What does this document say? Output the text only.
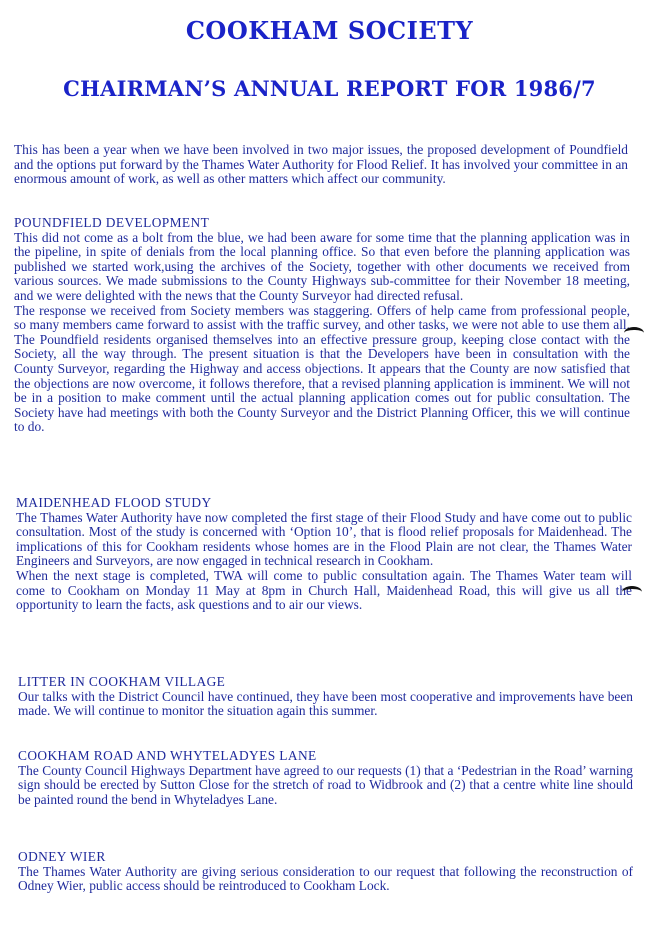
COOKHAM SOCIETY
CHAIRMAN’S ANNUAL REPORT FOR 1986/7

This has been a year when we have been involved in two major issues, the proposed development of Poundfield and the options put forward by the Thames Water Authority for Flood Relief. It has involved your committee in an enormous amount of work, as well as other matters which affect our community.

POUNDFIELD DEVELOPMENT

This did not come as a bolt from the blue, we had been aware for some time that the planning application was in the pipeline, in spite of denials from the local planning office. So that even before the planning application was published we started work,using the archives of the Society, together with other documents we received from various sources. We made submissions to the County Highways sub-committee for their November 18 meeting, and we were delighted with the news that the County Surveyor had directed refusal.

The response we received from Society members was staggering. Offers of help came from professional people, so many members came forward to assist with the traffic survey, and other tasks, we were not able to use them all. The Poundfield residents organised themselves into an effective pressure group, keeping close contact with the Society, all the way through. The present situation is that the Developers have been in consultation with the County Surveyor, regarding the Highway and access objections. It appears that the County are now satisfied that the objections are now overcome, it follows therefore, that a revised planning application is imminent. We will not be in a position to make comment until the actual planning application comes out for public consultation. The Society have had meetings with both the County Surveyor and the District Planning Officer, this we will continue to do.

MAIDENHEAD FLOOD STUDY

The Thames Water Authority have now completed the first stage of their Flood Study and have come out to public consultation. Most of the study is concerned with ‘Option 10’, that is flood relief proposals for Maidenhead. The implications of this for Cookham residents whose homes are in the Flood Plain are not clear, the Thames Water Engineers and Surveyors, are now engaged in technical research in Cookham.

When the next stage is completed, TWA will come to public consultation again. The Thames Water team will come to Cookham on Monday 11 May at 8pm in Church Hall, Maidenhead Road, this will give us all the opportunity to learn the facts, ask questions and to air our views.

LITTER IN COOKHAM VILLAGE

Our talks with the District Council have continued, they have been most cooperative and improvements have been made. We will continue to monitor the situation again this summer.

COOKHAM ROAD AND WHYTELADYES LANE

The County Council Highways Department have agreed to our requests (1) that a ‘Pedestrian in the Road’ warning sign should be erected by Sutton Close for the stretch of road to Widbrook and (2) that a centre white line should be painted round the bend in Whyteladyes Lane.

ODNEY WIER

The Thames Water Authority are giving serious consideration to our request that following the reconstruction of Odney Wier, public access should be reintroduced to Cookham Lock.
